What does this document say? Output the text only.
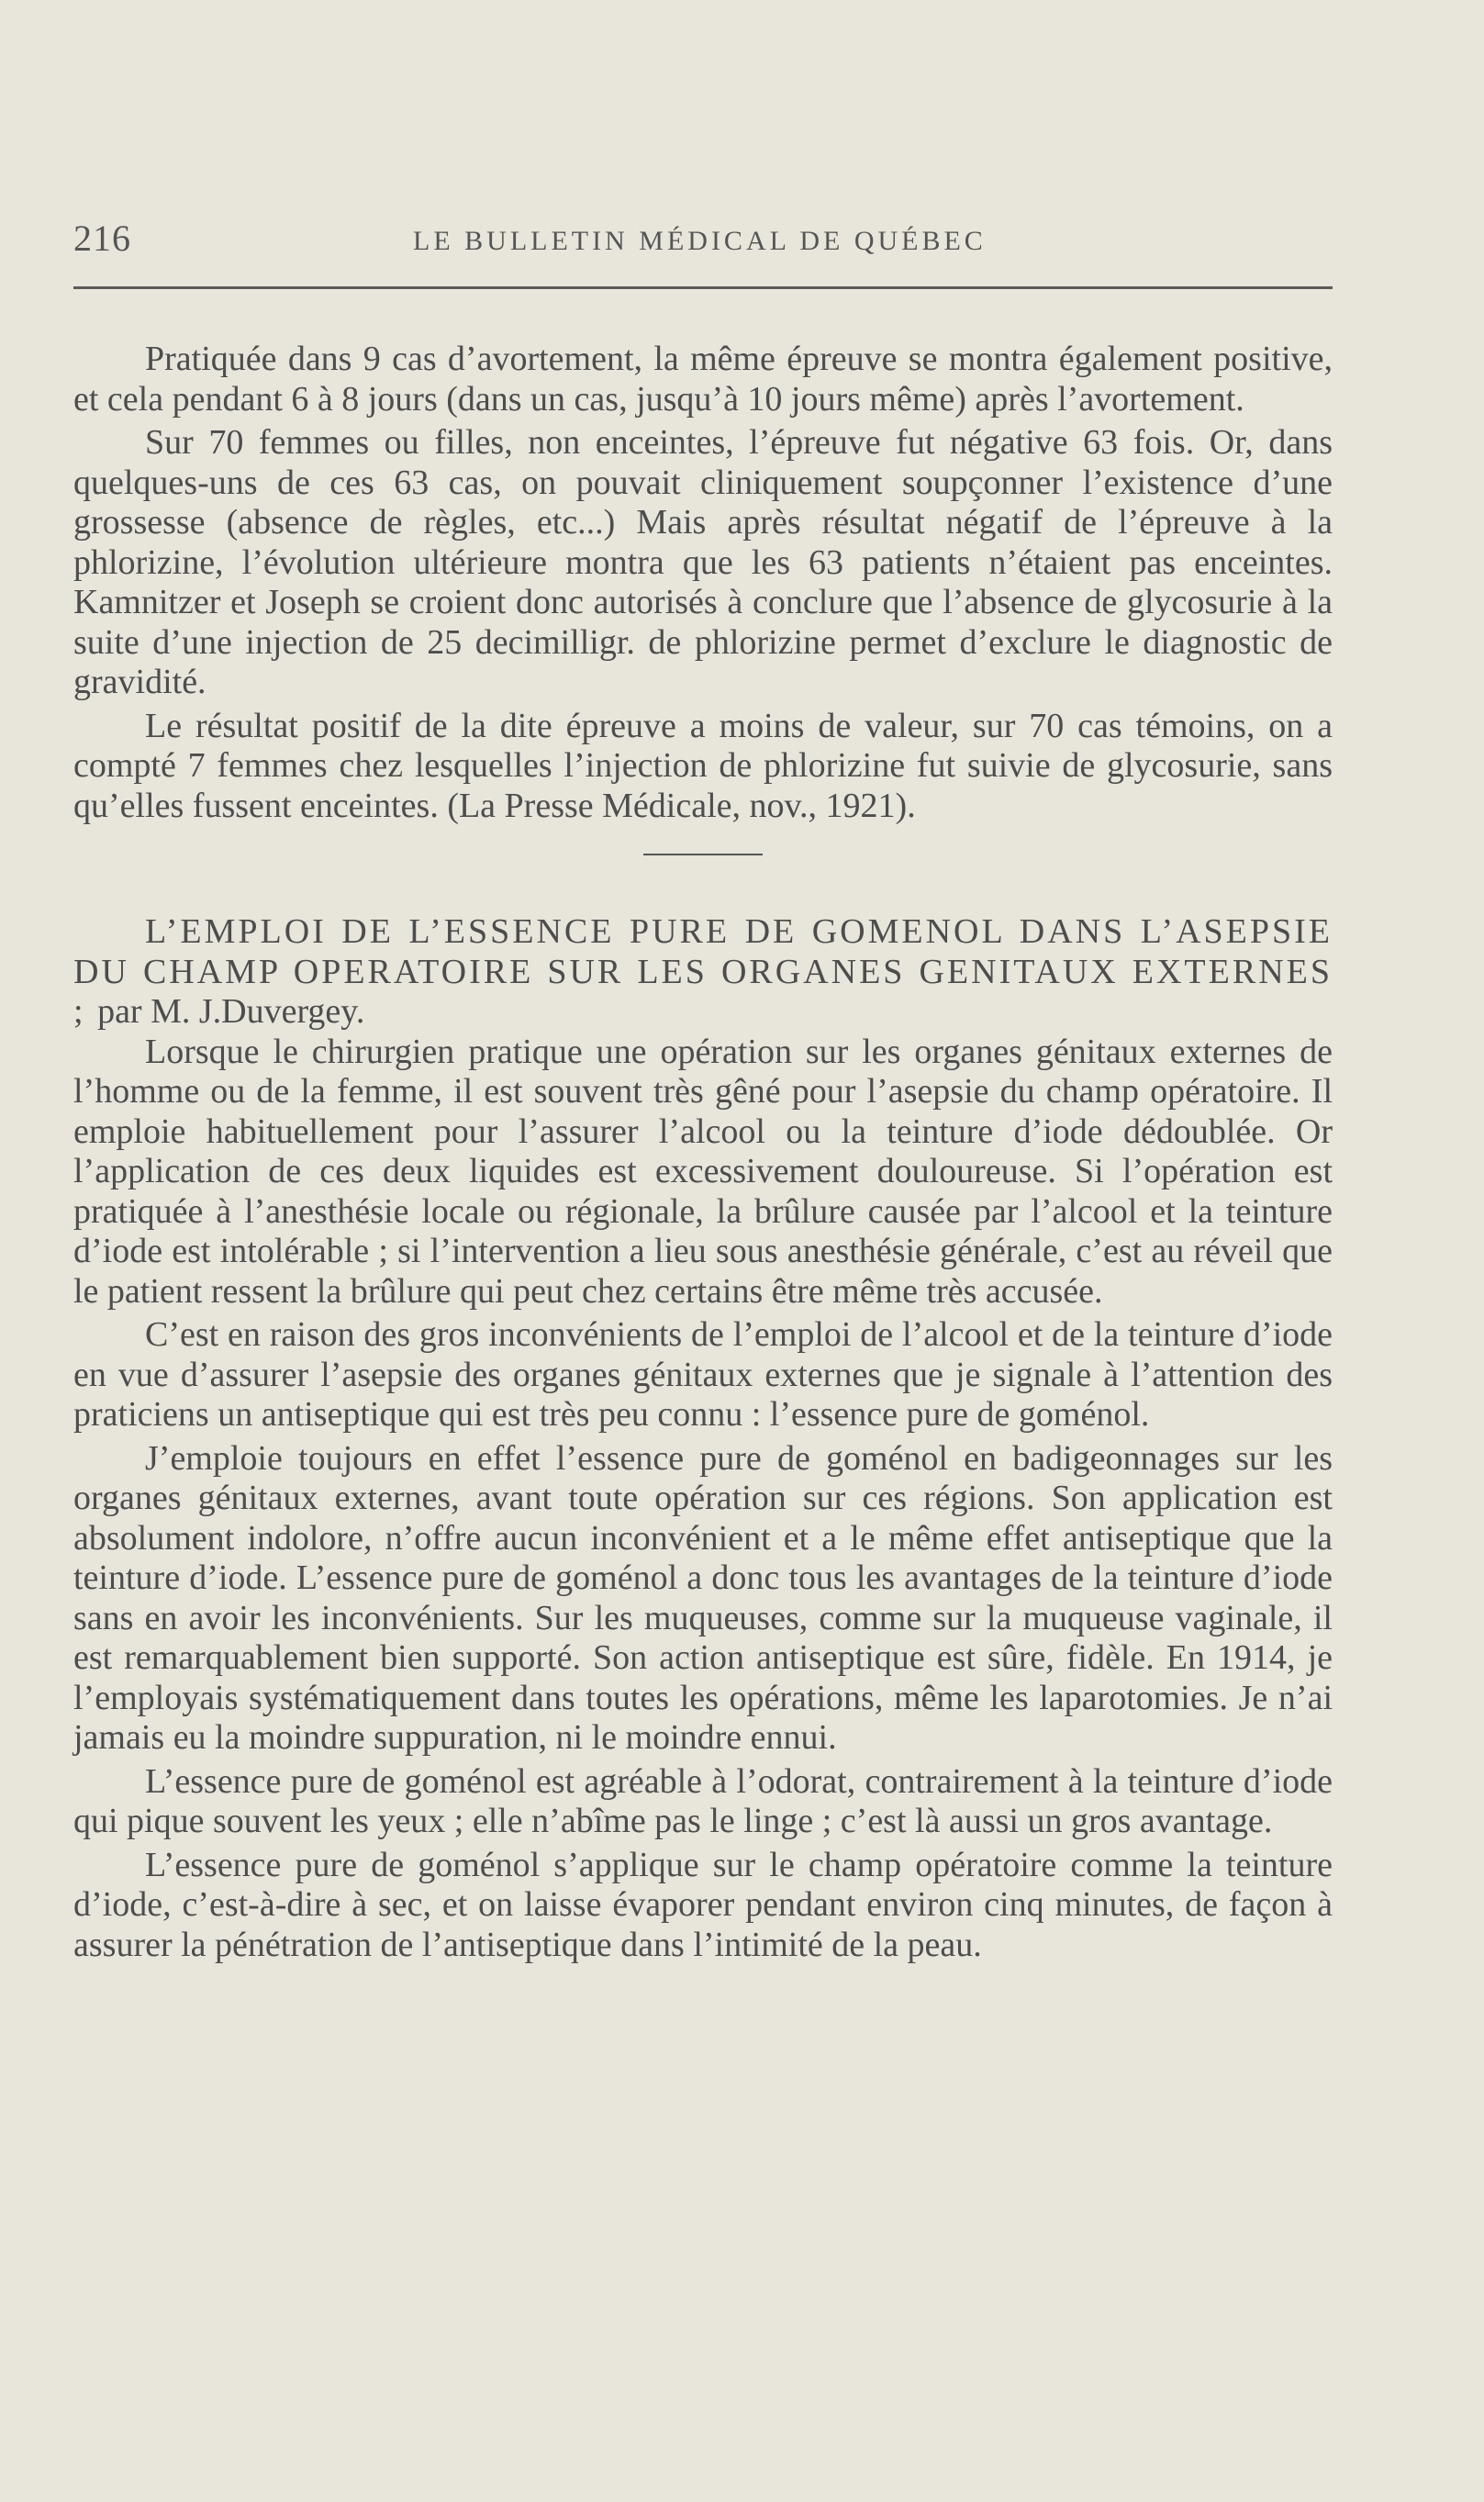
216	LE BULLETIN MÉDICAL DE QUÉBEC

Pratiquée dans 9 cas d’avortement, la même épreuve se montra également positive, et cela pendant 6 à 8 jours (dans un cas, jusqu’à 10 jours même) après l’avortement.

Sur 70 femmes ou filles, non enceintes, l’épreuve fut négative 63 fois. Or, dans quelques-uns de ces 63 cas, on pouvait cliniquement soupçonner l’existence d’une grossesse (absence de règles, etc...) Mais après résultat négatif de l’épreuve à la phlorizine, l’évolution ultérieure montra que les 63 patients n’étaient pas enceintes. Kamnitzer et Joseph se croient donc autorisés à conclure que l’absence de glycosurie à la suite d’une injection de 25 decimilligr. de phlorizine permet d’exclure le diagnostic de gravidité.

Le résultat positif de la dite épreuve a moins de valeur, sur 70 cas témoins, on a compté 7 femmes chez lesquelles l’injection de phlorizine fut suivie de glycosurie, sans qu’elles fussent enceintes. (La Presse Médicale, nov., 1921).

L’EMPLOI DE L’ESSENCE PURE DE GOMENOL DANS L’ASEPSIE DU CHAMP OPERATOIRE SUR LES ORGANES GENITAUX EXTERNES ; par M. J.Duvergey.

Lorsque le chirurgien pratique une opération sur les organes génitaux externes de l’homme ou de la femme, il est souvent très gêné pour l’asepsie du champ opératoire. Il emploie habituellement pour l’assurer l’alcool ou la teinture d’iode dédoublée. Or l’application de ces deux liquides est excessivement douloureuse. Si l’opération est pratiquée à l’anesthésie locale ou régionale, la brûlure causée par l’alcool et la teinture d’iode est intolérable ; si l’intervention a lieu sous anesthésie générale, c’est au réveil que le patient ressent la brûlure qui peut chez certains être même très accusée.

C’est en raison des gros inconvénients de l’emploi de l’alcool et de la teinture d’iode en vue d’assurer l’asepsie des organes génitaux externes que je signale à l’attention des praticiens un antiseptique qui est très peu connu : l’essence pure de goménol.

J’emploie toujours en effet l’essence pure de goménol en badigeonnages sur les organes génitaux externes, avant toute opération sur ces régions. Son application est absolument indolore, n’offre aucun inconvénient et a le même effet antiseptique que la teinture d’iode. L’essence pure de goménol a donc tous les avantages de la teinture d’iode sans en avoir les inconvénients. Sur les muqueuses, comme sur la muqueuse vaginale, il est remarquablement bien supporté. Son action antiseptique est sûre, fidèle. En 1914, je l’employais systématiquement dans toutes les opérations, même les laparotomies. Je n’ai jamais eu la moindre suppuration, ni le moindre ennui.

L’essence pure de goménol est agréable à l’odorat, contrairement à la teinture d’iode qui pique souvent les yeux ; elle n’abîme pas le linge ; c’est là aussi un gros avantage.

L’essence pure de goménol s’applique sur le champ opératoire comme la teinture d’iode, c’est-à-dire à sec, et on laisse évaporer pendant environ cinq minutes, de façon à assurer la pénétration de l’antiseptique dans l’intimité de la peau.
